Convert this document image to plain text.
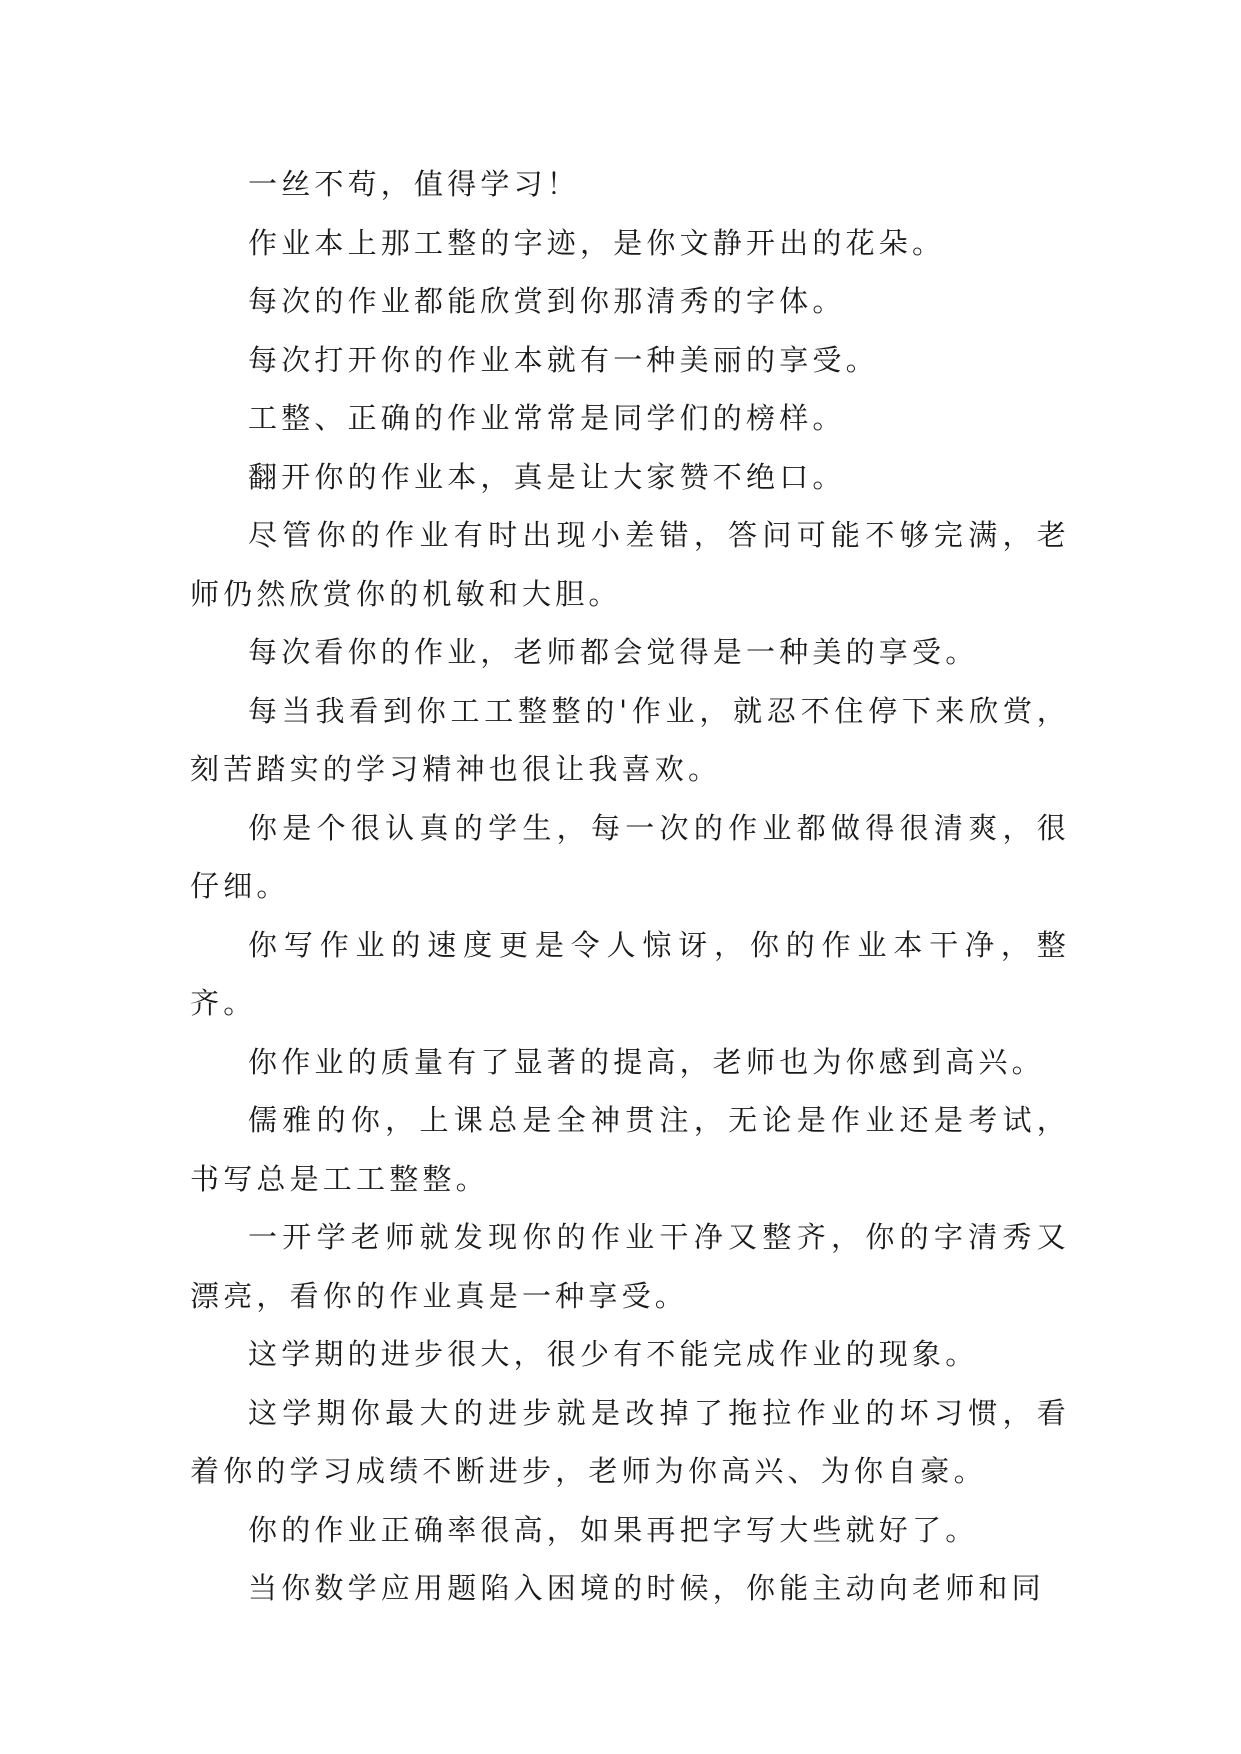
一丝不苟，值得学习！

作业本上那工整的字迹，是你文静开出的花朵。

每次的作业都能欣赏到你那清秀的字体。

每次打开你的作业本就有一种美丽的享受。

工整、正确的作业常常是同学们的榜样。

翻开你的作业本，真是让大家赞不绝口。

尽管你的作业有时出现小差错，答问可能不够完满，老师仍然欣赏你的机敏和大胆。

每次看你的作业，老师都会觉得是一种美的享受。

每当我看到你工工整整的'作业，就忍不住停下来欣赏，刻苦踏实的学习精神也很让我喜欢。

你是个很认真的学生，每一次的作业都做得很清爽，很仔细。

你写作业的速度更是令人惊讶，你的作业本干净，整齐。

你作业的质量有了显著的提高，老师也为你感到高兴。

儒雅的你，上课总是全神贯注，无论是作业还是考试，书写总是工工整整。

一开学老师就发现你的作业干净又整齐，你的字清秀又漂亮，看你的作业真是一种享受。

这学期的进步很大，很少有不能完成作业的现象。

这学期你最大的进步就是改掉了拖拉作业的坏习惯，看着你的学习成绩不断进步，老师为你高兴、为你自豪。

你的作业正确率很高，如果再把字写大些就好了。

当你数学应用题陷入困境的时候，你能主动向老师和同
